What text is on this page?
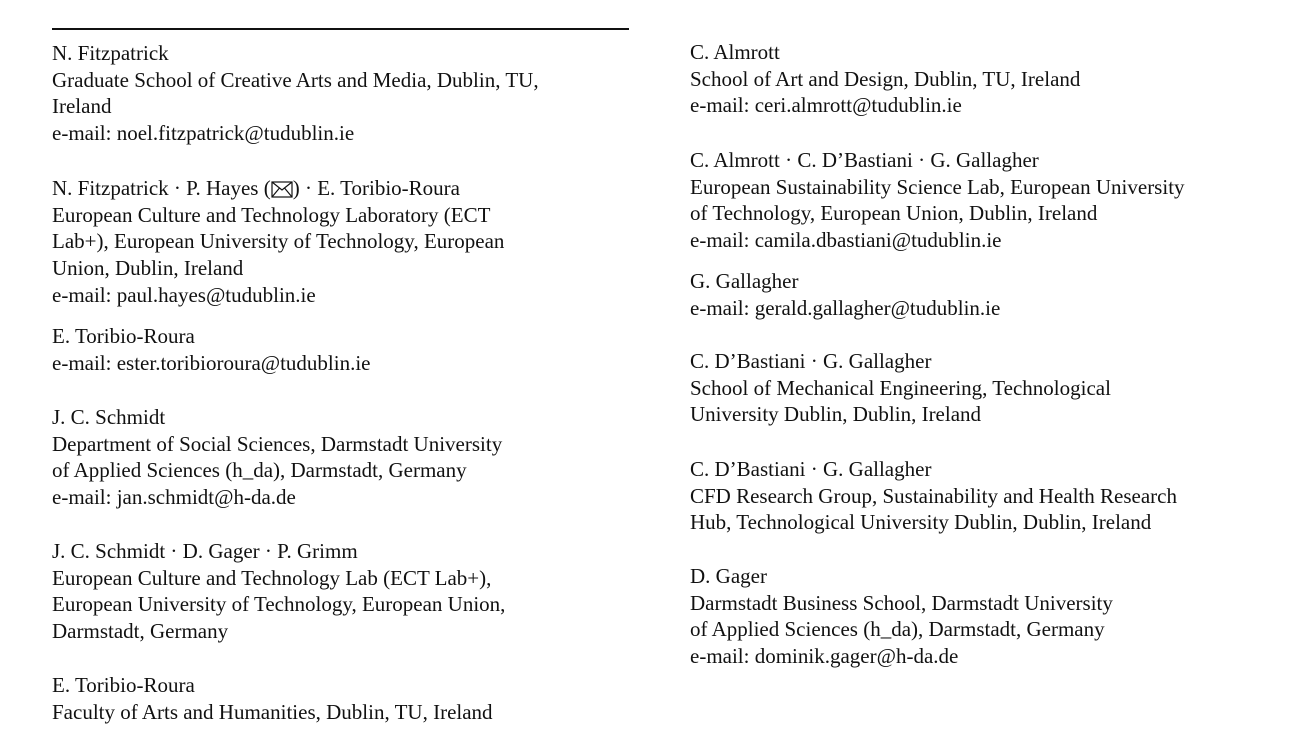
N. Fitzpatrick
Graduate School of Creative Arts and Media, Dublin, TU,
Ireland
e-mail: noel.fitzpatrick@tudublin.ie
N. Fitzpatrick · P. Hayes ( ) · E. Toribio-Roura
European Culture and Technology Laboratory (ECT
Lab+), European University of Technology, European
Union, Dublin, Ireland
e-mail: paul.hayes@tudublin.ie
E. Toribio-Roura
e-mail: ester.toribioroura@tudublin.ie
J. C. Schmidt
Department of Social Sciences, Darmstadt University
of Applied Sciences (h_da), Darmstadt, Germany
e-mail: jan.schmidt@h-da.de
J. C. Schmidt · D. Gager · P. Grimm
European Culture and Technology Lab (ECT Lab+),
European University of Technology, European Union,
Darmstadt, Germany
E. Toribio-Roura
Faculty of Arts and Humanities, Dublin, TU, Ireland
C. Almrott
School of Art and Design, Dublin, TU, Ireland
e-mail: ceri.almrott@tudublin.ie
C. Almrott · C. D’Bastiani · G. Gallagher
European Sustainability Science Lab, European University
of Technology, European Union, Dublin, Ireland
e-mail: camila.dbastiani@tudublin.ie
G. Gallagher
e-mail: gerald.gallagher@tudublin.ie
C. D’Bastiani · G. Gallagher
School of Mechanical Engineering, Technological
University Dublin, Dublin, Ireland
C. D’Bastiani · G. Gallagher
CFD Research Group, Sustainability and Health Research
Hub, Technological University Dublin, Dublin, Ireland
D. Gager
Darmstadt Business School, Darmstadt University
of Applied Sciences (h_da), Darmstadt, Germany
e-mail: dominik.gager@h-da.de
